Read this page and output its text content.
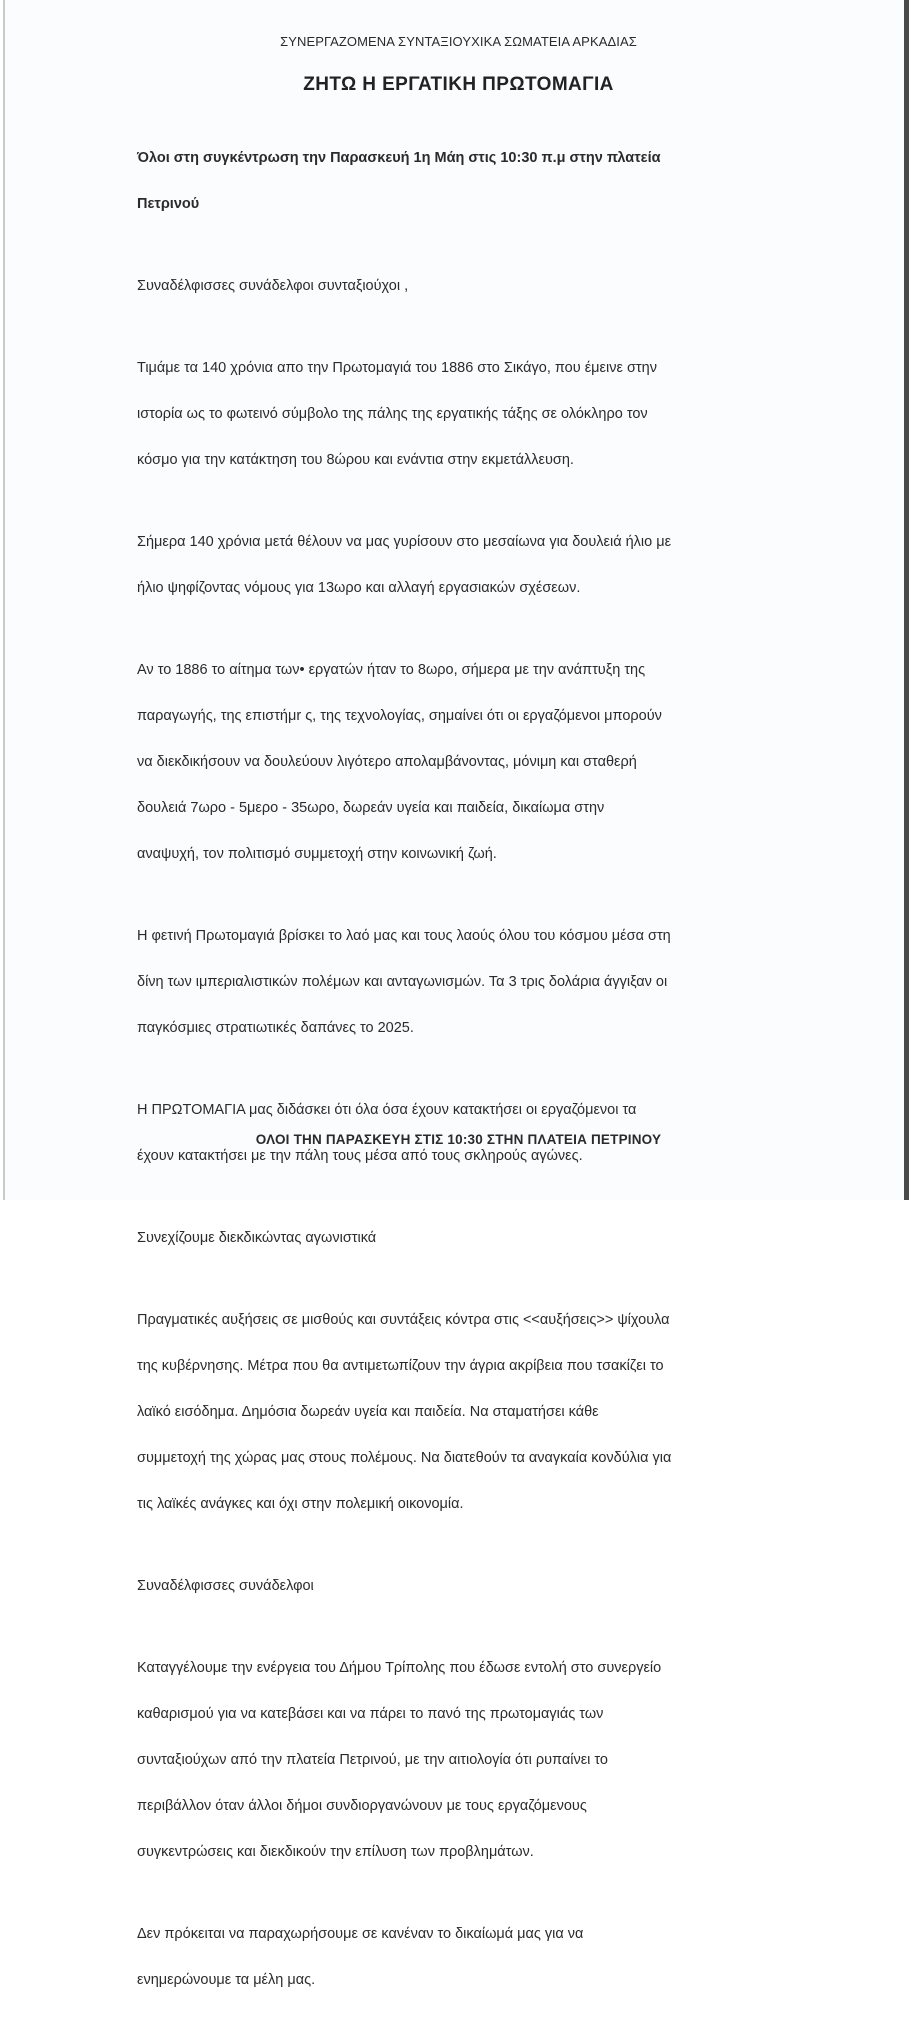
ΣΥΝΕΡΓΑΖΟΜΕΝΑ ΣΥΝΤΑΞΙΟΥΧΙΚΑ ΣΩΜΑΤΕΙΑ ΑΡΚΑΔΙΑΣ
ΖΗΤΩ Η ΕΡΓΑΤΙΚΗ ΠΡΩΤΟΜΑΓΙΑ

Όλοι στη συγκέντρωση την Παρασκευή 1η Μάη στις 10:30 π.μ στην πλατεία

Πετρινού

Συναδέλφισσες συνάδελφοι συνταξιούχοι ,

Τιμάμε τα 140 χρόνια απο την Πρωτομαγιά του 1886 στο Σικάγο, που έμεινε στην

ιστορία ως το φωτεινό σύμβολο της πάλης της εργατικής τάξης σε ολόκληρο τον

κόσμο για την κατάκτηση του 8ώρου και ενάντια στην εκμετάλλευση.

Σήμερα 140 χρόνια μετά θέλουν να μας γυρίσουν στο μεσαίωνα για δουλειά ήλιο με

ήλιο ψηφίζοντας νόμους για 13ωρο και αλλαγή εργασιακών σχέσεων.

Αν το 1886 το αίτημα των• εργατών ήταν το 8ωρο, σήμερα με την ανάπτυξη της

παραγωγής, της επιστήμr ς, της τεχνολογίας, σημαίνει ότι οι εργαζόμενοι μπορούν

να διεκδικήσουν να δουλεύουν λιγότερο απολαμβάνοντας, μόνιμη και σταθερή

δουλειά 7ωρο - 5μερο - 35ωρο, δωρεάν υγεία και παιδεία, δικαίωμα στην

αναψυχή, τον πολιτισμό συμμετοχή στην κοινωνική ζωή.

Η φετινή Πρωτομαγιά βρίσκει το λαό μας και τους λαούς όλου του κόσμου μέσα στη

δίνη των ιμπεριαλιστικών πολέμων και ανταγωνισμών. Τα 3 τρις δολάρια άγγιξαν οι

παγκόσμιες στρατιωτικές δαπάνες το 2025.

Η ΠΡΩΤΟΜΑΓΙΑ μας διδάσκει ότι όλα όσα έχουν κατακτήσει οι εργαζόμενοι τα

έχουν κατακτήσει με την πάλη τους μέσα από τους σκληρούς αγώνες.

Συνεχίζουμε διεκδικώντας αγωνιστικά

Πραγματικές αυξήσεις σε μισθούς και συντάξεις κόντρα στις <<αυξήσεις>> ψίχουλα

της κυβέρνησης. Μέτρα που θα αντιμετωπίζουν την άγρια ακρίβεια που τσακίζει το

λαϊκό εισόδημα. Δημόσια δωρεάν υγεία και παιδεία. Να σταματήσει κάθε

συμμετοχή της χώρας μας στους πολέμους. Να διατεθούν τα αναγκαία κονδύλια για

τις λαϊκές ανάγκες και όχι στην πολεμική οικονομία.

Συναδέλφισσες συνάδελφοι

Καταγγέλουμε την ενέργεια του Δήμου Τρίπολης που έδωσε εντολή στο συνεργείο

καθαρισμού για να κατεβάσει και να πάρει το πανό της πρωτομαγιάς των

συνταξιούχων από την πλατεία Πετρινού, με την αιτιολογία ότι ρυπαίνει το

περιβάλλον όταν άλλοι δήμοι συνδιοργανώνουν με τους εργαζόμενους

συγκεντρώσεις και διεκδικούν την επίλυση των προβλημάτων.

Δεν πρόκειται να παραχωρήσουμε σε κανέναν το δικαίωμά μας για να

ενημερώνουμε τα μέλη μας.

ΟΛΟΙ ΤΗΝ ΠΑΡΑΣΚΕΥΗ ΣΤΙΣ 10:30 ΣΤΗΝ ΠΛΑΤΕΙΑ ΠΕΤΡΙΝΟΥ
